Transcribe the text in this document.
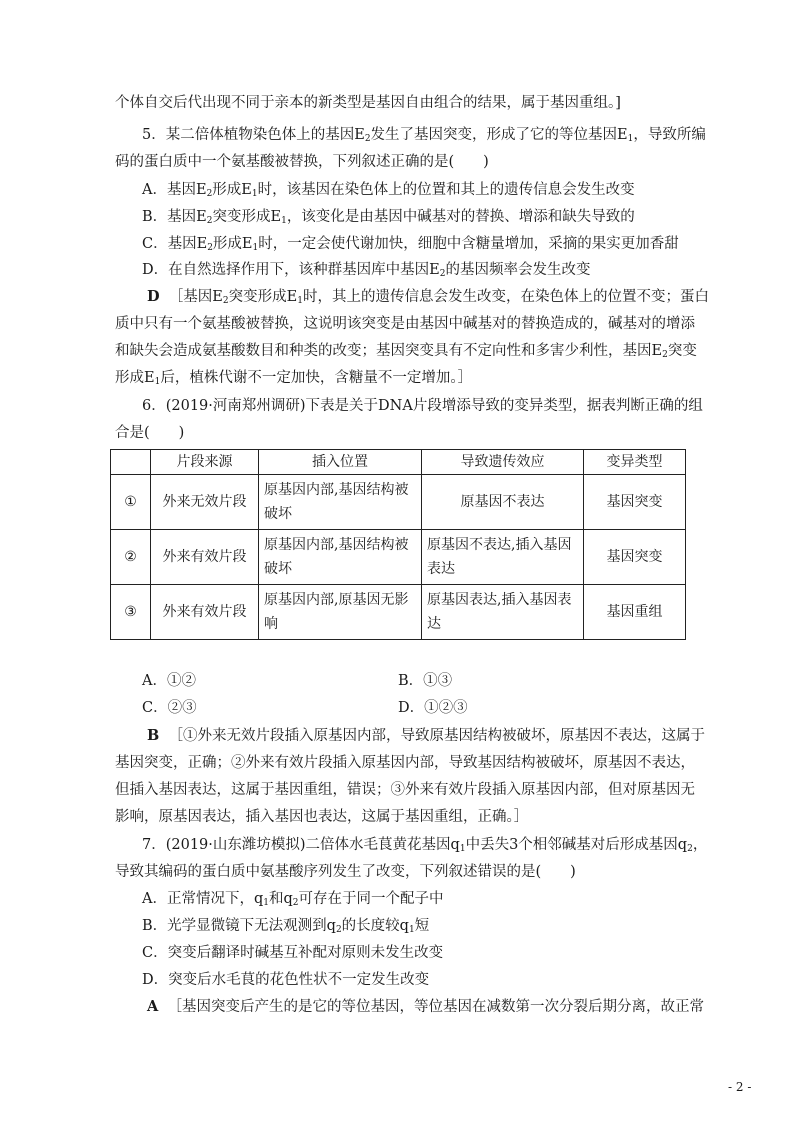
个体自交后代出现不同于亲本的新类型是基因自由组合的结果，属于基因重组。]
5．某二倍体植物染色体上的基因$E_2$发生了基因突变，形成了它的等位基因$E_1$，导致所编
码的蛋白质中一个氨基酸被替换，下列叙述正确的是(　　)
A．基因$E_2$形成$E_1$时，该基因在染色体上的位置和其上的遗传信息会发生改变
B．基因$E_2$突变形成$E_1$，该变化是由基因中碱基对的替换、增添和缺失导致的
C．基因$E_2$形成$E_1$时，一定会使代谢加快，细胞中含糖量增加，采摘的果实更加香甜
D．在自然选择作用下，该种群基因库中基因$E_2$的基因频率会发生改变
D ［基因$E_2$突变形成$E_1$时，其上的遗传信息会发生改变，在染色体上的位置不变；蛋白
质中只有一个氨基酸被替换，这说明该突变是由基因中碱基对的替换造成的，碱基对的增添
和缺失会造成氨基酸数目和种类的改变；基因突变具有不定向性和多害少利性，基因$E_2$突变
形成$E_1$后，植株代谢不一定加快，含糖量不一定增加。］
6．(2019·河南郑州调研)下表是关于DNA片段增添导致的变异类型，据表判断正确的组
合是(　　)
	片段来源	插入位置	导致遗传效应	变异类型
①	外来无效片段	原基因内部,基因结构被破坏	原基因不表达	基因突变
②	外来有效片段	原基因内部,基因结构被破坏	原基因不表达,插入基因表达	基因突变
③	外来有效片段	原基因内部,原基因无影响	原基因表达,插入基因表达	基因重组
A．①②	B．①③
C．②③	D．①②③
B ［①外来无效片段插入原基因内部，导致原基因结构被破坏，原基因不表达，这属于
基因突变，正确；②外来有效片段插入原基因内部，导致基因结构被破坏，原基因不表达，
但插入基因表达，这属于基因重组，错误；③外来有效片段插入原基因内部，但对原基因无
影响，原基因表达，插入基因也表达，这属于基因重组，正确。］
7．(2019·山东潍坊模拟)二倍体水毛茛黄花基因$q_1$中丢失3个相邻碱基对后形成基因$q_2$，
导致其编码的蛋白质中氨基酸序列发生了改变，下列叙述错误的是(　　)
A．正常情况下，$q_1$和$q_2$可存在于同一个配子中
B．光学显微镜下无法观测到$q_2$的长度较$q_1$短
C．突变后翻译时碱基互补配对原则未发生改变
D．突变后水毛茛的花色性状不一定发生改变
A ［基因突变后产生的是它的等位基因，等位基因在减数第一次分裂后期分离，故正常
- 2 -
